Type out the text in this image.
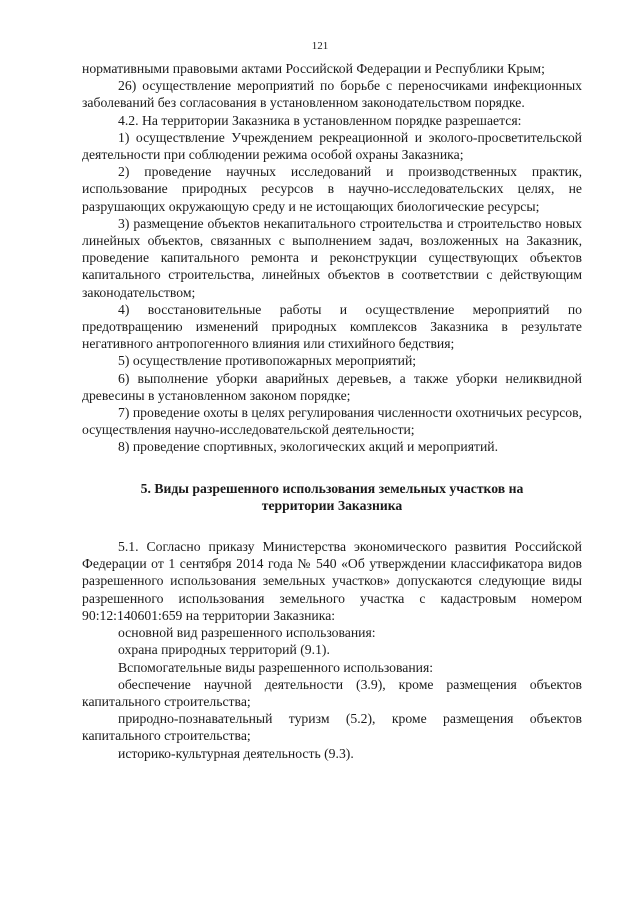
121

нормативными правовыми актами Российской Федерации и Республики Крым;

26) осуществление мероприятий по борьбе с переносчиками инфекционных заболеваний без согласования в установленном законодательством порядке.

4.2. На территории Заказника в установленном порядке разрешается:

1) осуществление Учреждением рекреационной и эколого-просветительской деятельности при соблюдении режима особой охраны Заказника;

2) проведение научных исследований и производственных практик, использование природных ресурсов в научно-исследовательских целях, не разрушающих окружающую среду и не истощающих биологические ресурсы;

3) размещение объектов некапитального строительства и строительство новых линейных объектов, связанных с выполнением задач, возложенных на Заказник, проведение капитального ремонта и реконструкции существующих объектов капитального строительства, линейных объектов в соответствии с действующим законодательством;

4) восстановительные работы и осуществление мероприятий по предотвращению изменений природных комплексов Заказника в результате негативного антропогенного влияния или стихийного бедствия;

5) осуществление противопожарных мероприятий;

6) выполнение уборки аварийных деревьев, а также уборки неликвидной древесины в установленном законом порядке;

7) проведение охоты в целях регулирования численности охотничьих ресурсов, осуществления научно-исследовательской деятельности;

8) проведение спортивных, экологических акций и мероприятий.

5. Виды разрешенного использования земельных участков на
территории Заказника

5.1. Согласно приказу Министерства экономического развития Российской Федерации от 1 сентября 2014 года № 540 «Об утверждении классификатора видов разрешенного использования земельных участков» допускаются следующие виды разрешенного использования земельного участка с кадастровым номером 90:12:140601:659 на территории Заказника:

основной вид разрешенного использования:

охрана природных территорий (9.1).

Вспомогательные виды разрешенного использования:

обеспечение научной деятельности (3.9), кроме размещения объектов капитального строительства;

природно-познавательный туризм (5.2), кроме размещения объектов капитального строительства;

историко-культурная деятельность (9.3).
